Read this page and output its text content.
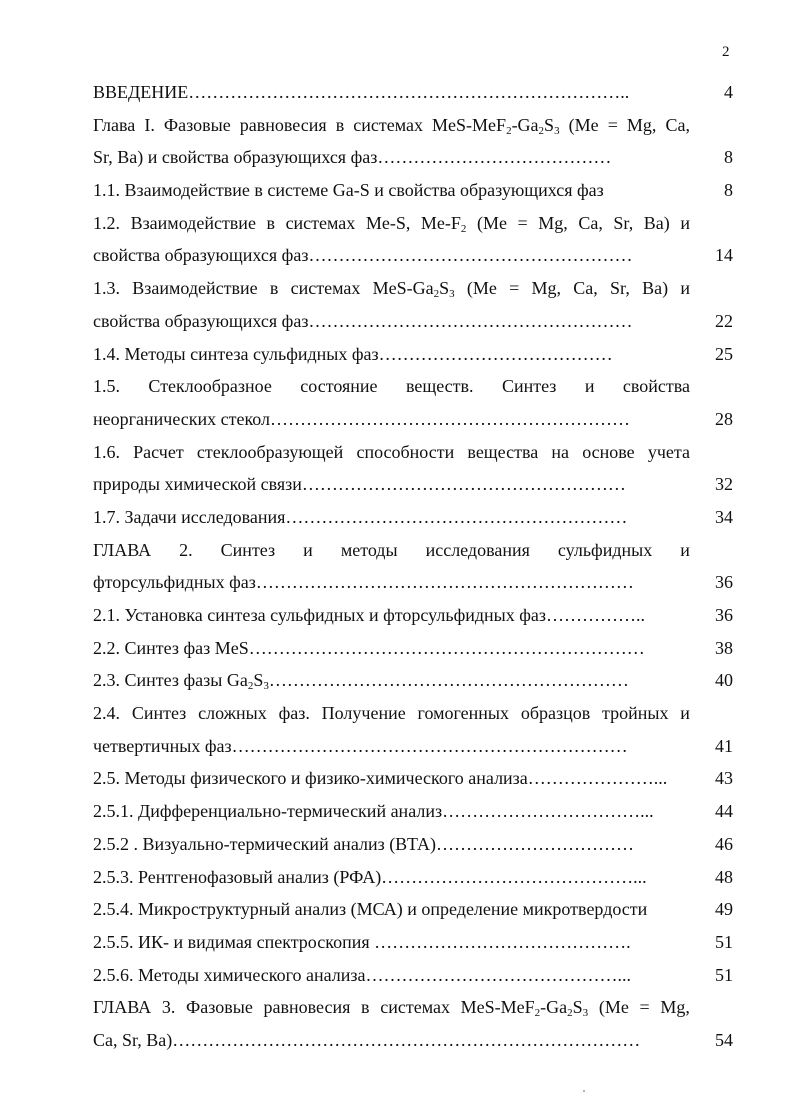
2
ВВЕДЕНИЕ………………………………………………………………..	4
Глава I. Фазовые равновесия в системах MeS-$MeF_2-Ga_2S_3$ (Me = Mg, Ca,
Sr, Ba) и свойства образующихся фаз…………………………………	8
1.1. Взаимодействие в системе Ga-S и свойства образующихся фаз	8
1.2. Взаимодействие в системах Me-S, $Me-F_2$ (Me = Mg, Ca, Sr, Ba) и
свойства образующихся фаз………………………………………………	14
1.3. Взаимодействие в системах MeS-$Ga_2S_3$ (Me = Mg, Ca, Sr, Ba) и
свойства образующихся фаз………………………………………………	22
1.4. Методы синтеза сульфидных фаз…………………………………	25
1.5. Стеклообразное состояние веществ. Синтез и свойства
неорганических стекол……………………………………………………	28
1.6. Расчет стеклообразующей способности вещества на основе учета
природы химической связи………………………………………………	32
1.7. Задачи исследования…………………………………………………	34
ГЛАВА 2. Синтез и методы исследования сульфидных и
фторсульфидных фаз………………………………………………………	36
2.1. Установка синтеза сульфидных и фторсульфидных фаз……………..	36
2.2. Синтез фаз MeS…………………………………………………………	38
2.3. Синтез фазы $Ga_2S_3\dots\dots\dots\dots\dots\dots\dots\dots\dots\dots\dots\dots\dots\dots\dots\dots\dots\dots\dots\dots$	40
2.4. Синтез сложных фаз. Получение гомогенных образцов тройных и
четвертичных фаз…………………………………………………………	41
2.5. Методы физического и физико-химического анализа…………………...	43
2.5.1. Дифференциально-термический анализ……………………………...	44
2.5.2 . Визуально-термический анализ (ВТА)……………………………	46
2.5.3. Рентгенофазовый анализ (РФА)……………………………………...	48
2.5.4. Микроструктурный анализ (МСА) и определение микротвердости	49
2.5.5. ИК- и видимая спектроскопия …………………………………….	51
2.5.6. Методы химического анализа……………………………………...	51
ГЛАВА 3. Фазовые равновесия в системах MeS-$MeF_2-Ga_2S_3$ (Me = Mg,
Ca, Sr, Ba)……………………………………………………………………	54
